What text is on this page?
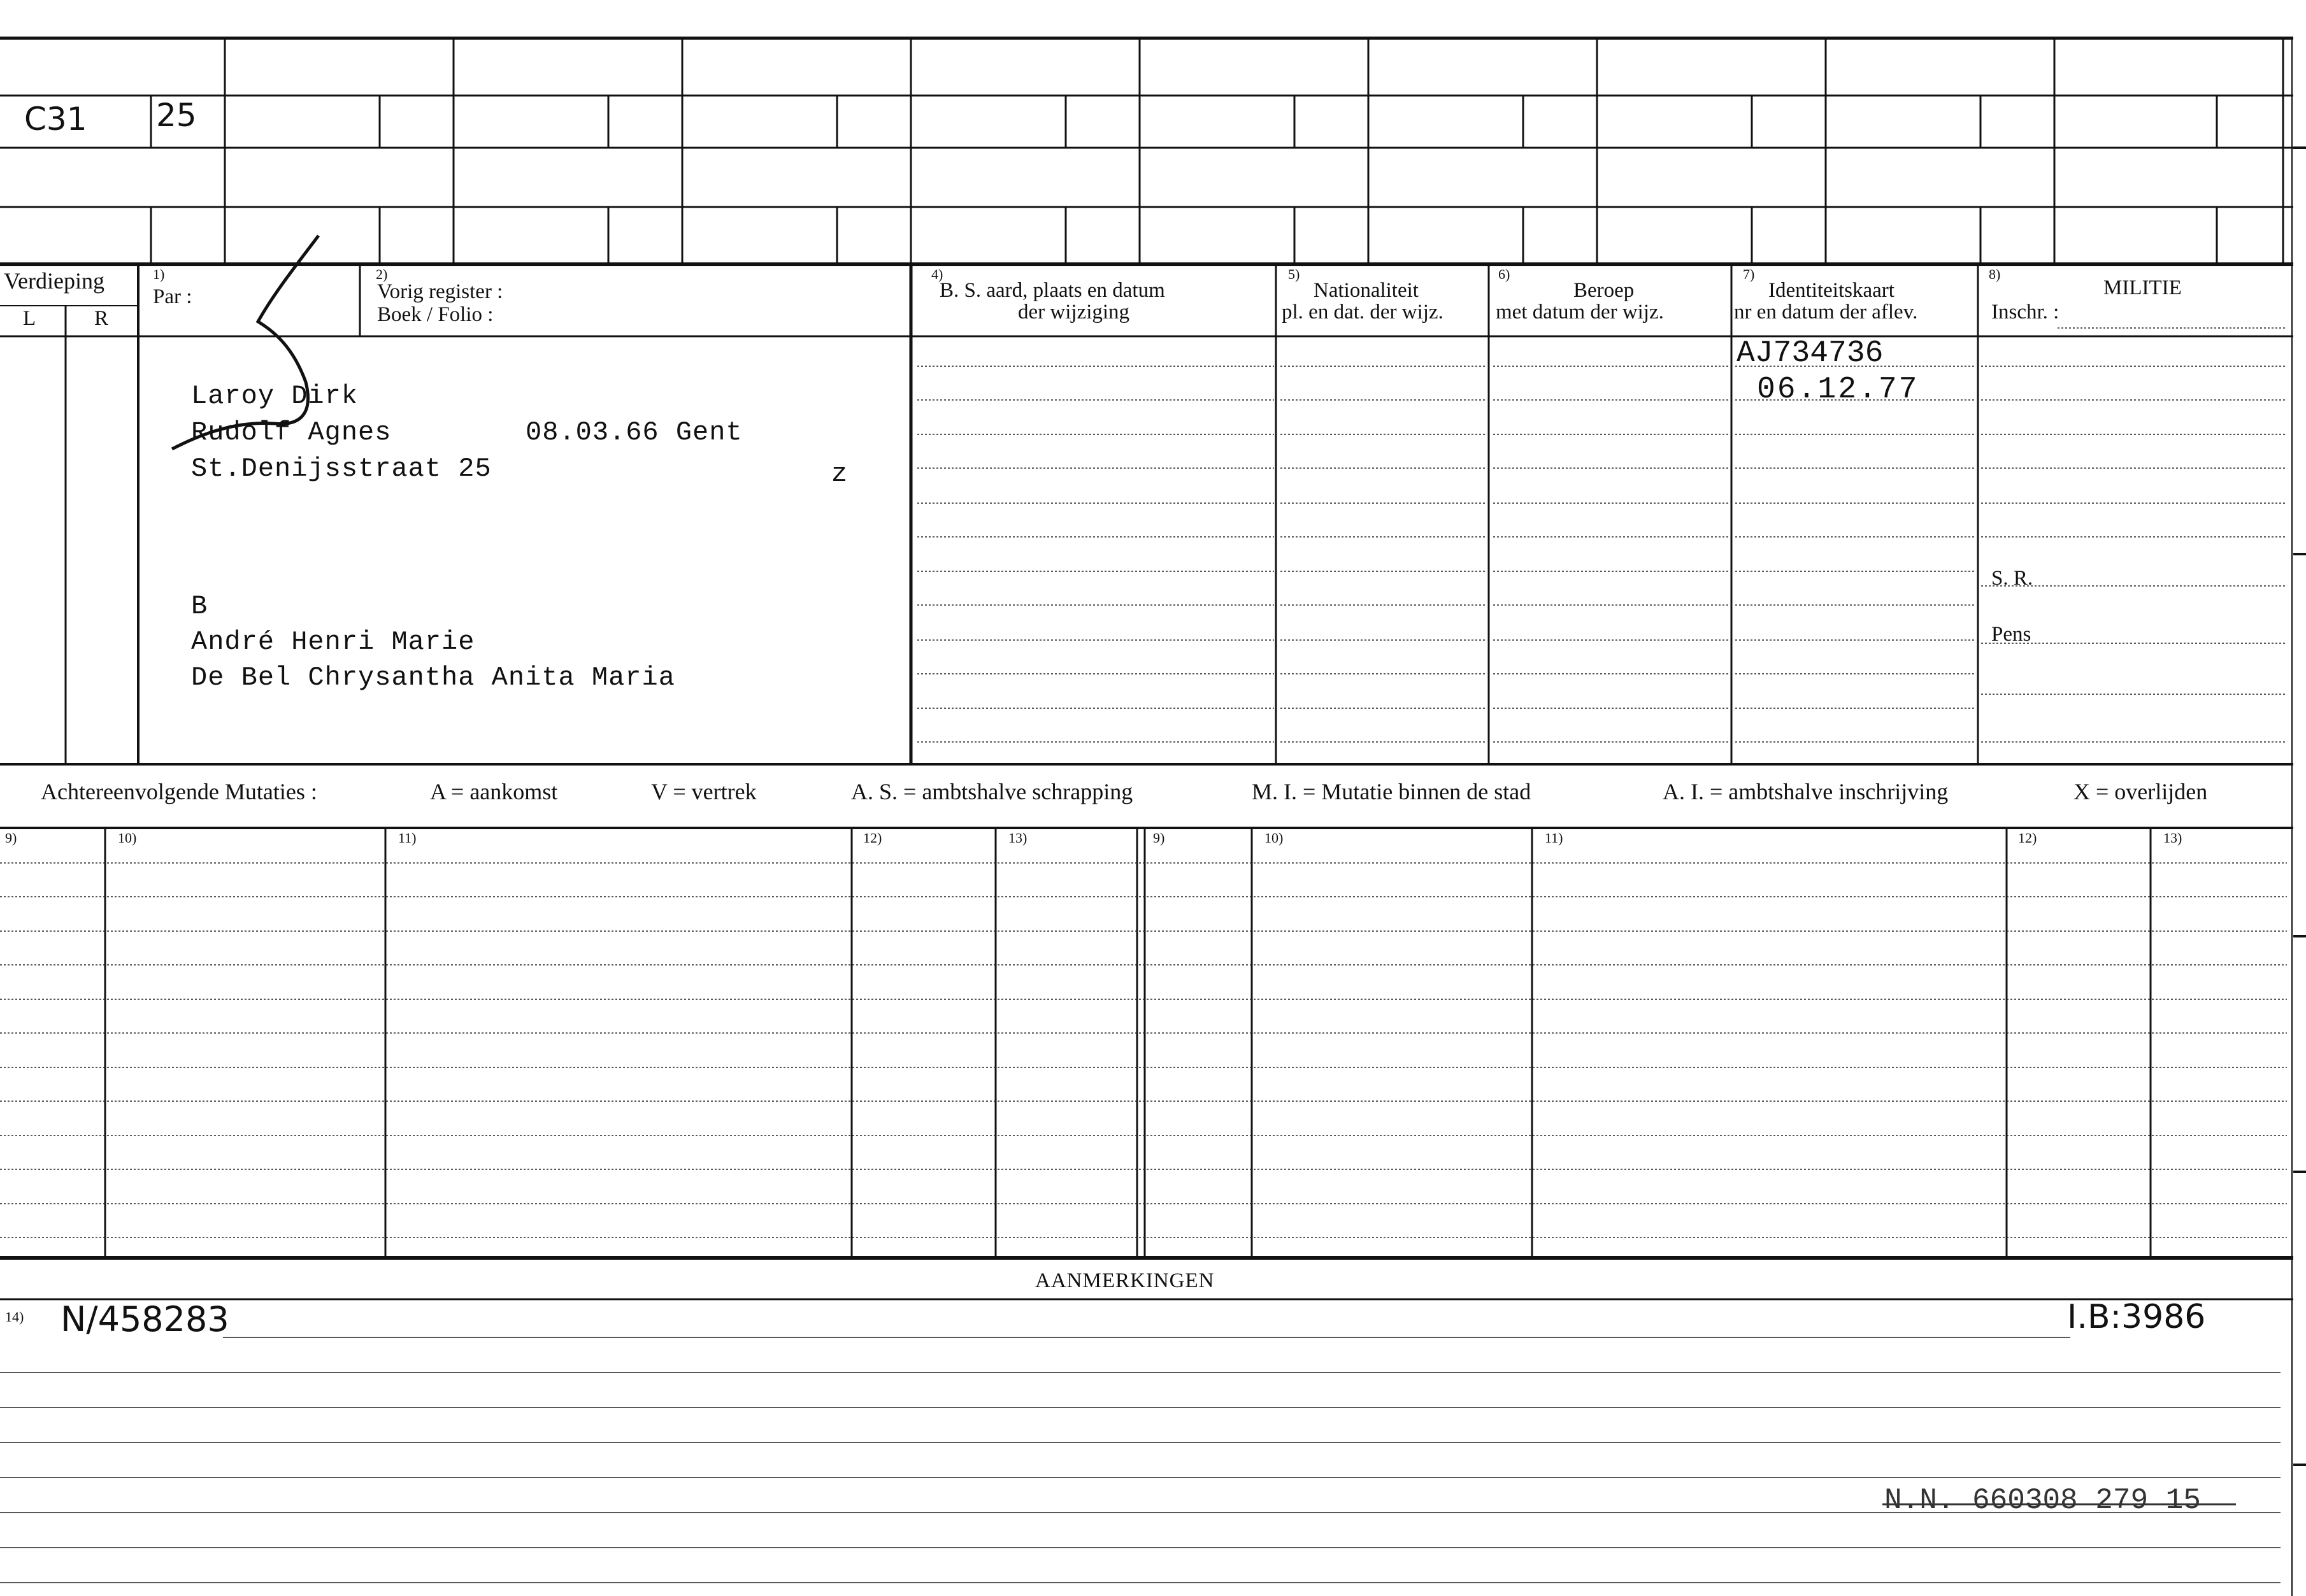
C31 25
Verdieping
L	R
1)
Par :
2)
Vorig register :
Boek / Folio :
4)
B. S. aard, plaats en datum
der wijziging
5)
Nationaliteit
pl. en dat. der wijz.
6)
Beroep
met datum der wijz.
7)
Identiteitskaart
nr en datum der aflev.
8)
MILITIE
Inschr. :
S. R.
Pens
Laroy Dirk
Rudolf Agnes	08.03.66 Gent
St.Denijsstraat 25	z
B
André Henri Marie
De Bel Chrysantha Anita Maria
AJ734736
06.12.77
Achtereenvolgende Mutaties :	A = aankomst	V = vertrek	A. S. = ambtshalve schrapping	M. I. = Mutatie binnen de stad	A. I. = ambtshalve inschrijving	X = overlijden
9)	10)	11)	12)	13)	9)	10)	11)	12)	13)
AANMERKINGEN
14) N/458283	I.B:3986
N.N. 660308 279 15
